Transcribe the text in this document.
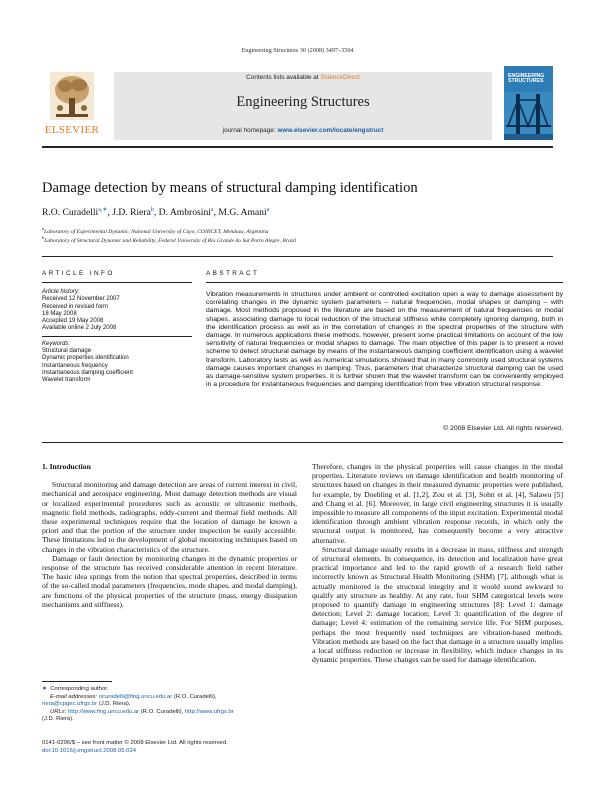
Engineering Structures 30 (2008) 3497–3504
ELSEVIER
Contents lists available at ScienceDirect
Engineering Structures
journal homepage: www.elsevier.com/locate/engstruct
ENGINEERING STRUCTURES
Damage detection by means of structural damping identification
R.O. Curadelli$^{a,∗}$, J.D. Riera$^b$, D. Ambrosini$^a$, M.G. Amani$^a$
$^a$Laboratory of Experimental Dynamic, National University of Cuyo, CONICET, Mendoza, Argentina
$^b$Laboratory of Structural Dynamic and Reliability, Federal University of Rio Grande do Sul Porto Alegre, Brazil
ARTICLE INFO	ABSTRACT
Article history:
Received 12 November 2007
Received in revised form
18 May 2008
Accepted 19 May 2008
Available online 2 July 2008
Keywords:
Structural damage
Dynamic properties identification
Instantaneous frequency
Instantaneous damping coefficient
Wavelet transform
Vibration measurements in structures under ambient or controlled excitation open a way to damage assessment by correlating changes in the dynamic system parameters – natural frequencies, modal shapes or damping – with damage. Most methods proposed in the literature are based on the measurement of natural frequencies or modal shapes, associating damage to local reduction of the structural stiffness while completely ignoring damping, both in the identification process as well as in the correlation of changes in the spectral properties of the structure with damage. In numerous applications these methods, however, present some practical limitations on account of the low sensitivity of natural frequencies or modal shapes to damage. The main objective of this paper is to present a novel scheme to detect structural damage by means of the instantaneous damping coefficient identification using a wavelet transform. Laboratory tests as well as numerical simulations showed that in many commonly used structural systems damage causes important changes in damping. Thus, parameters that characterize structural damping can be used as damage-sensitive system properties. It is further shown that the wavelet transform can be conveniently employed in a procedure for instantaneous frequencies and damping identification from free vibration structural response.
© 2008 Elsevier Ltd. All rights reserved.

1. Introduction

Structural monitoring and damage detection are areas of current interest in civil, mechanical and aerospace engineering. Most damage detection methods are visual or localized experimental procedures such as acoustic or ultrasonic methods, magnetic field methods, radiographs, eddy-current and thermal field methods. All these experimental techniques require that the location of damage be known a priori and that the portion of the structure under inspection be easily accessible. These limitations led to the development of global monitoring techniques based on changes in the vibration characteristics of the structure.

Damage or fault detection by monitoring changes in the dynamic properties or response of the structure has received considerable attention in recent literature. The basic idea springs from the notion that spectral properties, described in terms of the so-called modal parameters (frequencies, mode shapes, and modal damping), are functions of the physical properties of the structure (mass, energy dissipation mechanisms and stiffness).

Therefore, changes in the physical properties will cause changes in the modal properties. Literature reviews on damage identification and health monitoring of structures based on changes in their measured dynamic properties were published, for example, by Doebling et al. [1,2], Zou et al. [3], Sohn et al. [4], Salawu [5] and Chang et al. [6]. Moreover, in large civil engineering structures it is usually impossible to measure all components of the input excitation. Experimental modal identification through ambient vibration response records, in which only the structural output is monitored, has consequently become a very attractive alternative.

Structural damage usually results in a decrease in mass, stiffness and strength of structural elements. In consequence, its detection and localization have great practical importance and led to the rapid growth of a research field rather incorrectly known as Structural Health Monitoring (SHM) [7], although what is actually monitored is the structural integrity and it would sound awkward to qualify any structure as healthy. At any rate, four SHM categorical levels were proposed to quantify damage in engineering structures [8]: Level 1: damage detection; Level 2: damage location; Level 3: quantification of the degree of damage; Level 4: estimation of the remaining service life. For SHM purposes, perhaps the most frequently used techniques are vibration-based methods. Vibration methods are based on the fact that damage in a structure usually implies a local stiffness reduction or increase in flexibility, which induce changes in its dynamic properties. These changes can be used for damage identification.

∗ Corresponding author.
E-mail addresses: ocuradelli@fing.uncu.edu.ar (R.O. Curadelli),
riera@cpgec.ufrgs.br (J.D. Riera).
URLs: http://www.fing.uncu.edu.ar (R.O. Curadelli), http://www.ufrgs.br
(J.D. Riera).
0141-0296/$ – see front matter © 2008 Elsevier Ltd. All rights reserved.
doi:10.1016/j.engstruct.2008.05.024
